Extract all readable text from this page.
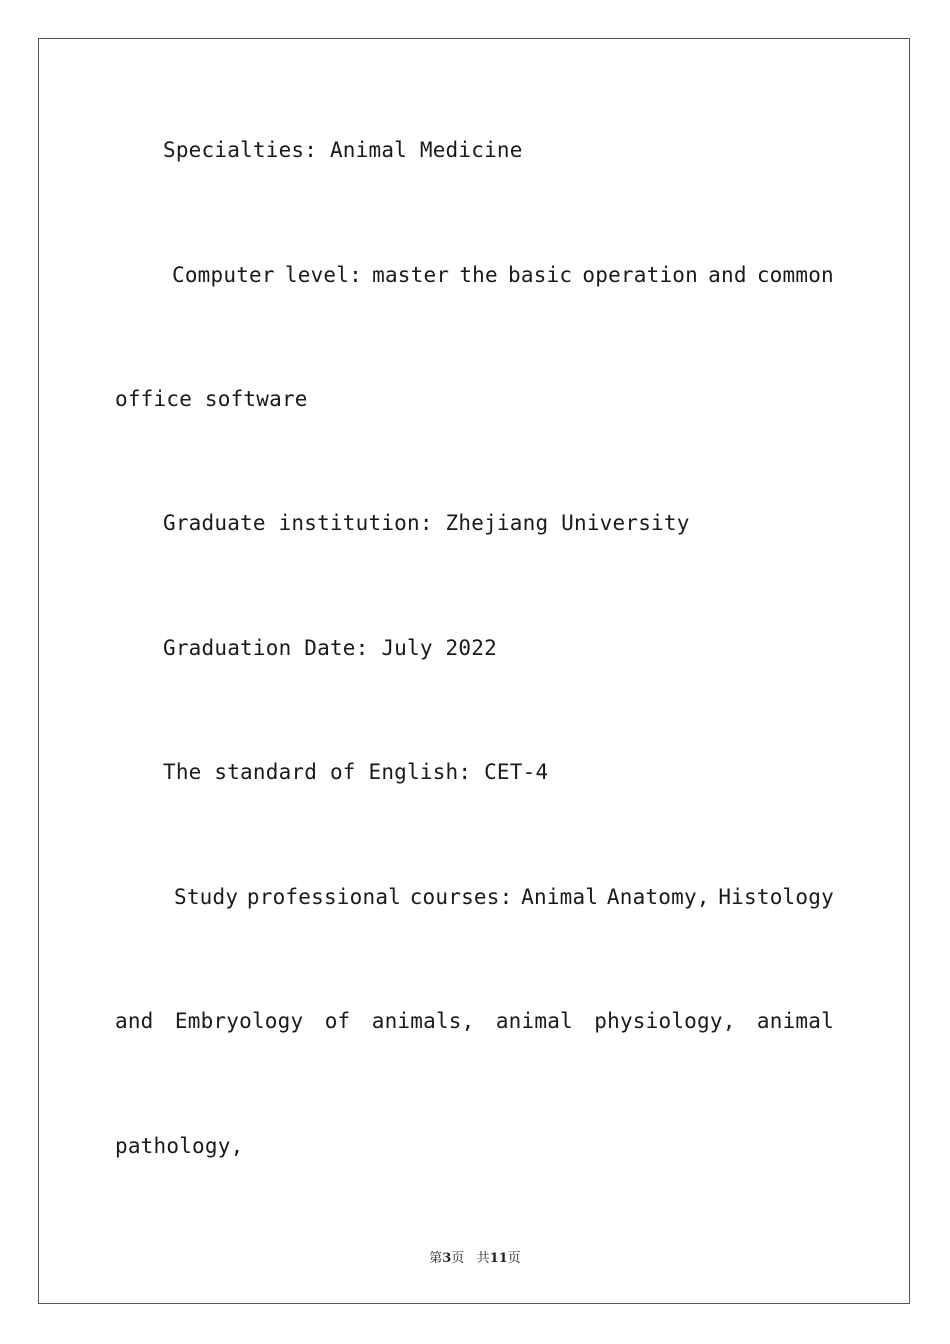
Specialties: Animal Medicine
Computer level: master the basic operation and common
office software
Graduate institution: Zhejiang University
Graduation Date: July 2022
The standard of English: CET-4
Study professional courses: Animal Anatomy, Histology
and Embryology of animals, animal physiology, animal
pathology,
第3页 共11页
